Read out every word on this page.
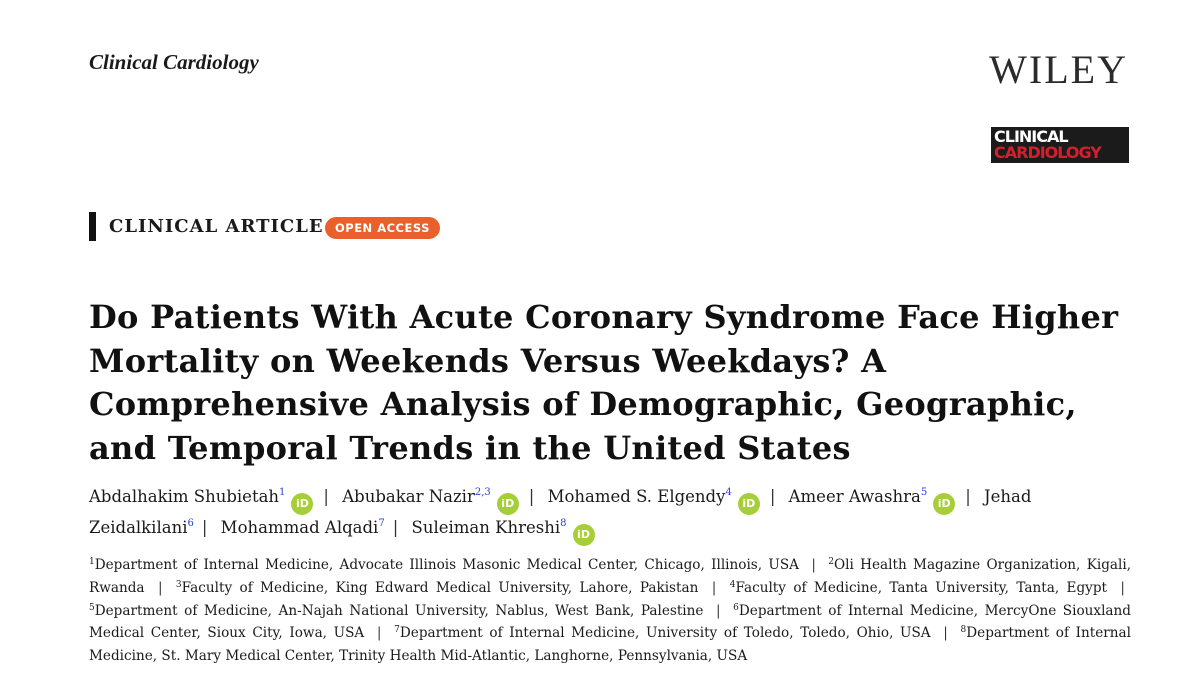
Clinical Cardiology	WILEY
CLINICAL
CARDIOLOGY
CLINICAL ARTICLE OPEN ACCESS
Do Patients With Acute Coronary Syndrome Face Higher Mortality on Weekends Versus Weekdays? A Comprehensive Analysis of Demographic, Geographic, and Temporal Trends in the United States
Abdalhakim Shubietah$^1$iD | Abubakar Nazir$^{2,3}$iD | Mohamed S. Elgendy$^4$iD | Ameer Awashra$^5$iD | Jehad Zeidalkilani$^6$ | Mohammad Alqadi$^7$ | Suleiman Khreshi$^8$iD
$^1$Department of Internal Medicine, Advocate Illinois Masonic Medical Center, Chicago, Illinois, USA | $^2$Oli Health Magazine Organization, Kigali, Rwanda | $^3$Faculty of Medicine, King Edward Medical University, Lahore, Pakistan | $^4$Faculty of Medicine, Tanta University, Tanta, Egypt | $^5$Department of Medicine, An-Najah National University, Nablus, West Bank, Palestine | $^6$Department of Internal Medicine, MercyOne Siouxland Medical Center, Sioux City, Iowa, USA | $^7$Department of Internal Medicine, University of Toledo, Toledo, Ohio, USA | $^8$Department of Internal Medicine, St. Mary Medical Center, Trinity Health Mid-Atlantic, Langhorne, Pennsylvania, USA
